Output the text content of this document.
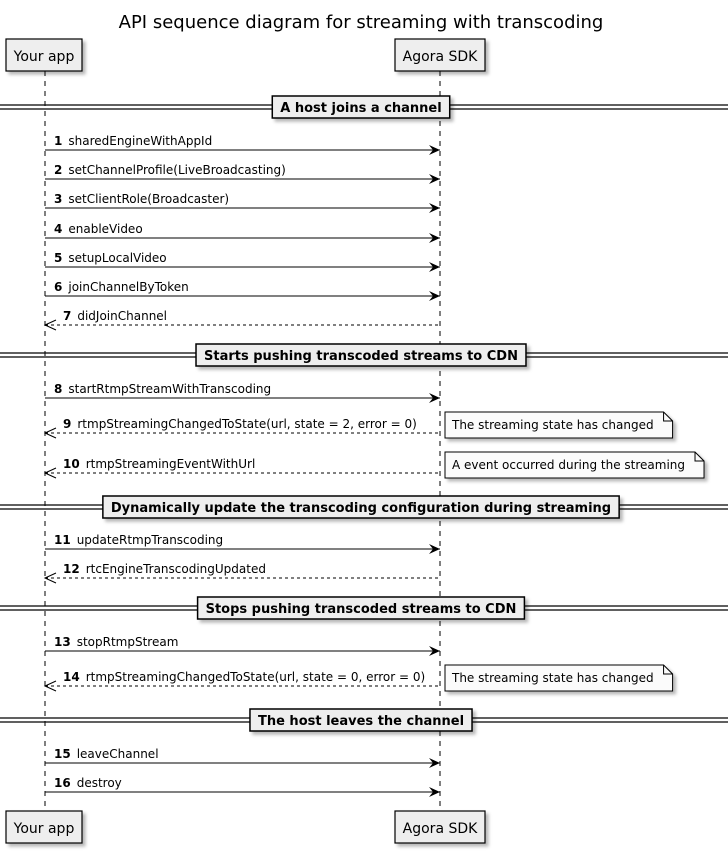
API sequence diagram for streaming with transcoding
Your app	Agora SDK
Your app	Agora SDK
A host joins a channel
1 sharedEngineWithAppId
2 setChannelProfile(LiveBroadcasting)
3 setClientRole(Broadcaster)
4 enableVideo
5 setupLocalVideo
6 joinChannelByToken
7 didJoinChannel
Starts pushing transcoded streams to CDN
8 startRtmpStreamWithTranscoding
9 rtmpStreamingChangedToState(url, state = 2, error = 0)	The streaming state has changed
10 rtmpStreamingEventWithUrl	A event occurred during the streaming
Dynamically update the transcoding configuration during streaming
11 updateRtmpTranscoding
12 rtcEngineTranscodingUpdated
Stops pushing transcoded streams to CDN
13 stopRtmpStream
14 rtmpStreamingChangedToState(url, state = 0, error = 0) The streaming state has changed
The host leaves the channel
15 leaveChannel
16 destroy
